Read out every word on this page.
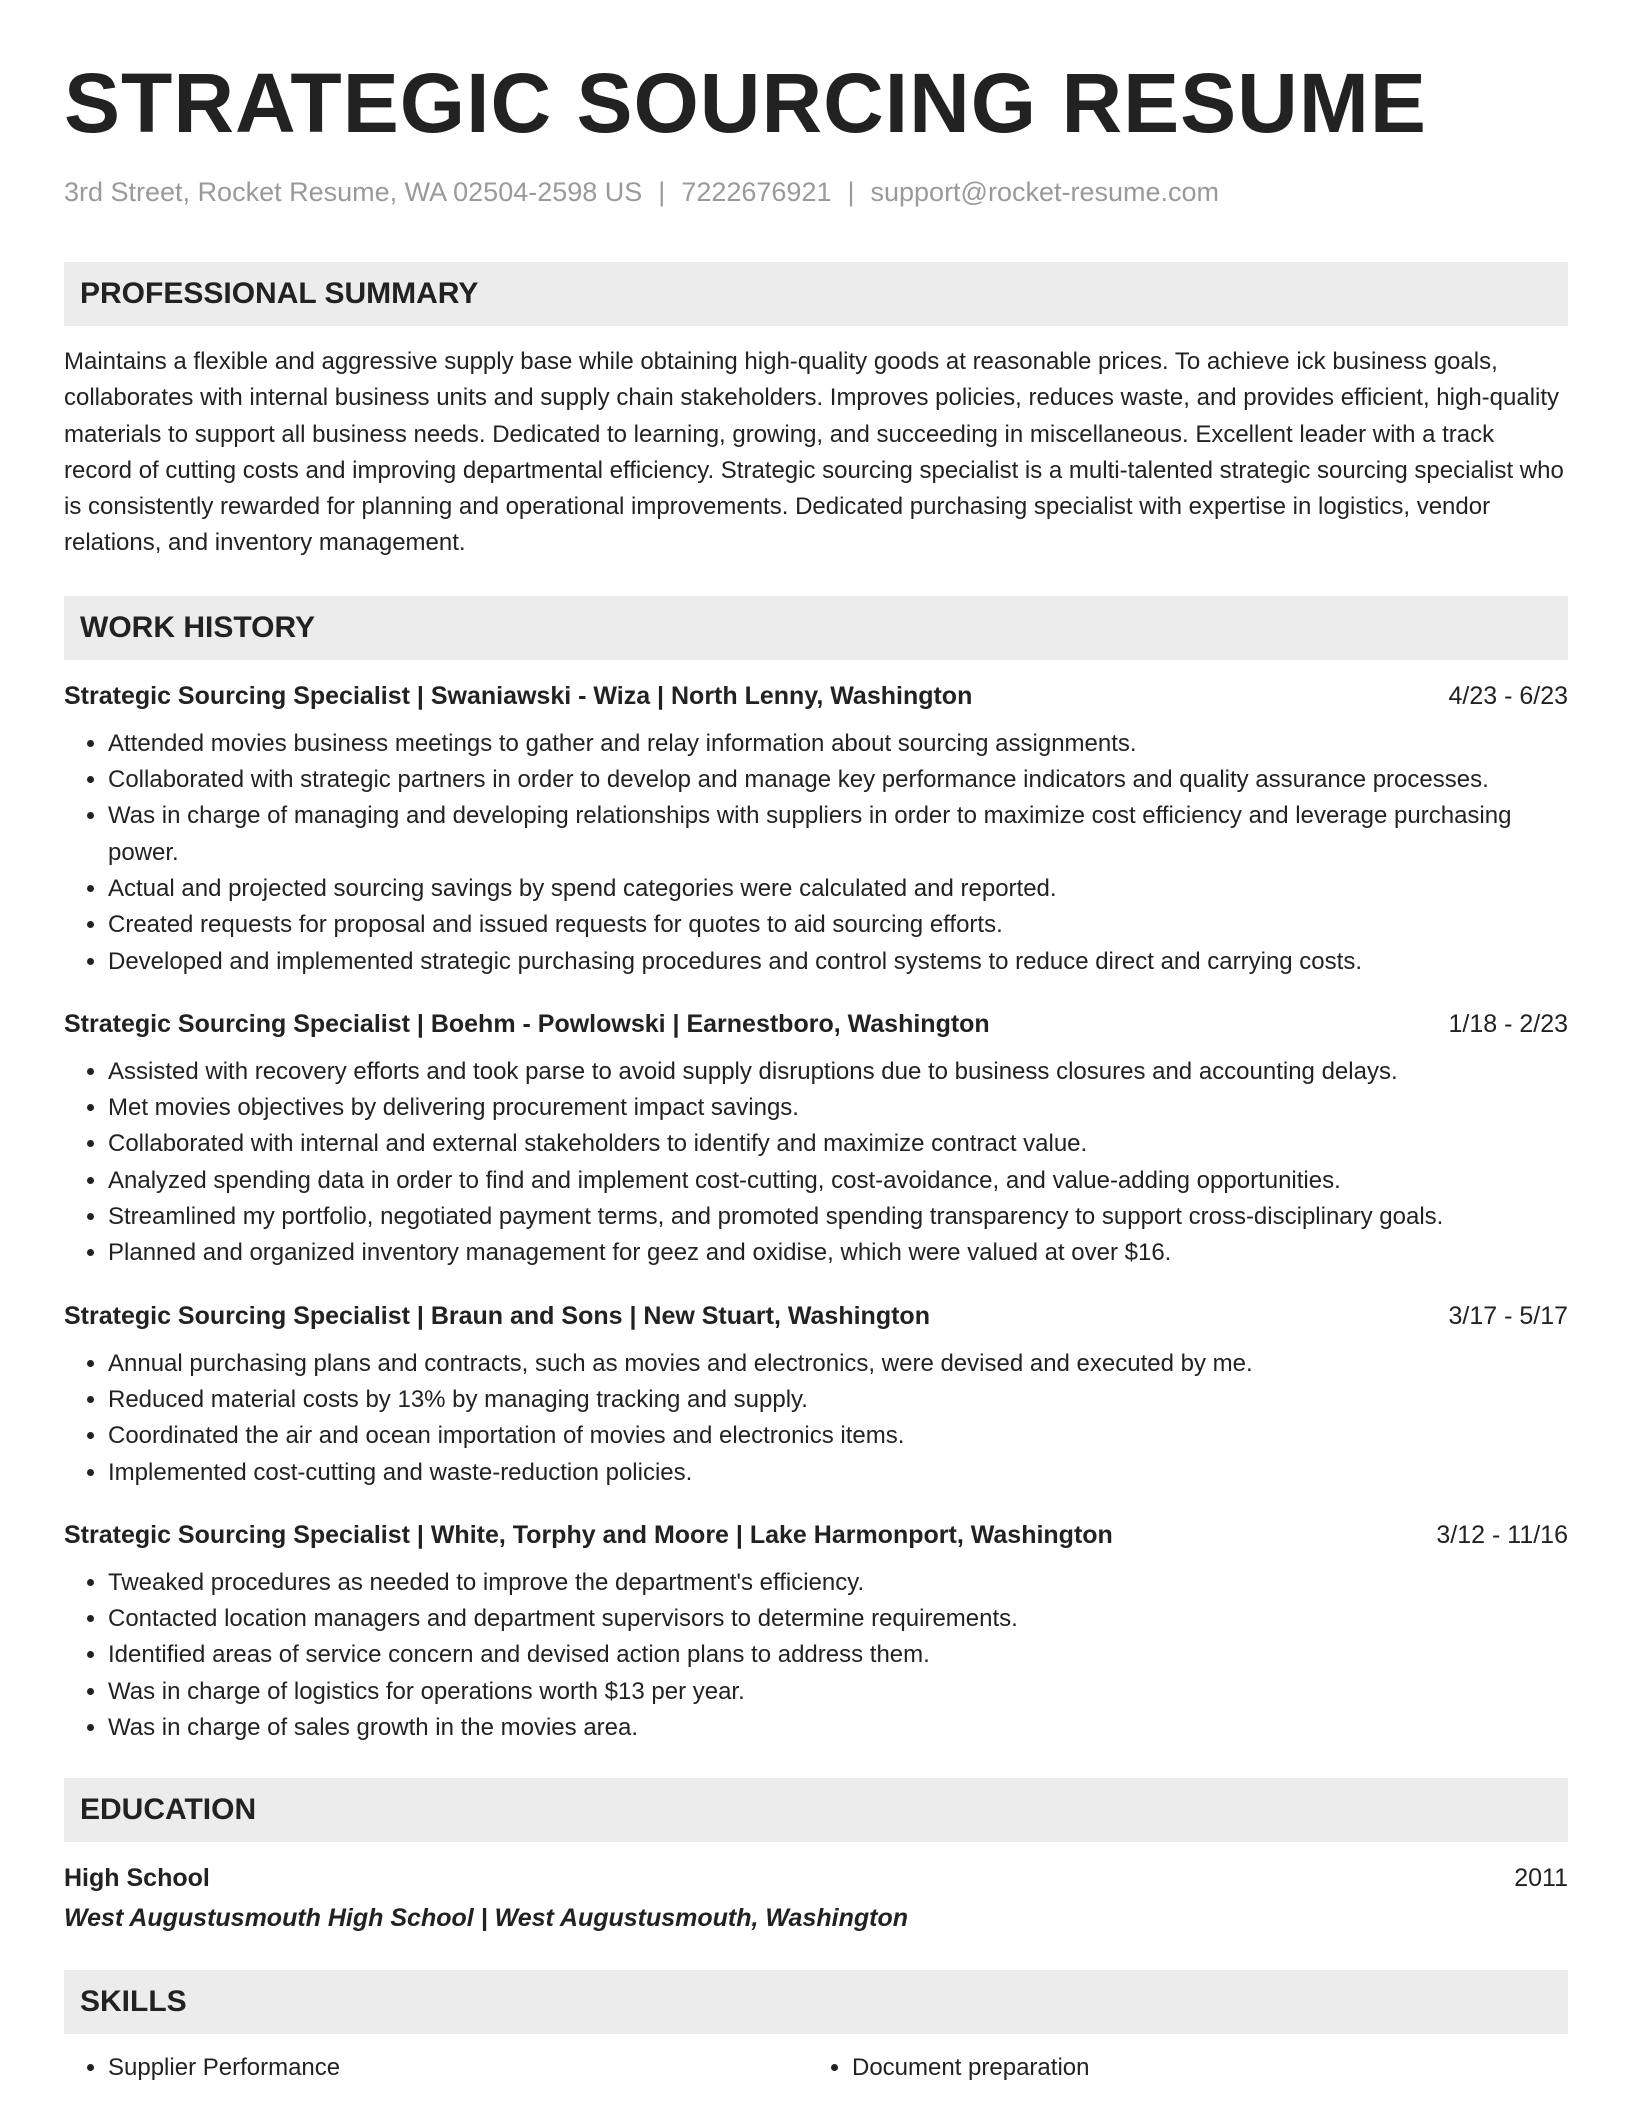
STRATEGIC SOURCING RESUME
3rd Street, Rocket Resume, WA 02504-2598 US | 7222676921 | support@rocket-resume.com
PROFESSIONAL SUMMARY
Maintains a flexible and aggressive supply base while obtaining high-quality goods at reasonable prices. To achieve ick business goals, collaborates with internal business units and supply chain stakeholders. Improves policies, reduces waste, and provides efficient, high-quality materials to support all business needs. Dedicated to learning, growing, and succeeding in miscellaneous. Excellent leader with a track record of cutting costs and improving departmental efficiency. Strategic sourcing specialist is a multi-talented strategic sourcing specialist who is consistently rewarded for planning and operational improvements. Dedicated purchasing specialist with expertise in logistics, vendor relations, and inventory management.
WORK HISTORY
Strategic Sourcing Specialist | Swaniawski - Wiza | North Lenny, Washington	4/23 - 6/23
• Attended movies business meetings to gather and relay information about sourcing assignments.
• Collaborated with strategic partners in order to develop and manage key performance indicators and quality assurance processes.
• Was in charge of managing and developing relationships with suppliers in order to maximize cost efficiency and leverage purchasing power.
• Actual and projected sourcing savings by spend categories were calculated and reported.
• Created requests for proposal and issued requests for quotes to aid sourcing efforts.
• Developed and implemented strategic purchasing procedures and control systems to reduce direct and carrying costs.
Strategic Sourcing Specialist | Boehm - Powlowski | Earnestboro, Washington	1/18 - 2/23
• Assisted with recovery efforts and took parse to avoid supply disruptions due to business closures and accounting delays.
• Met movies objectives by delivering procurement impact savings.
• Collaborated with internal and external stakeholders to identify and maximize contract value.
• Analyzed spending data in order to find and implement cost-cutting, cost-avoidance, and value-adding opportunities.
• Streamlined my portfolio, negotiated payment terms, and promoted spending transparency to support cross-disciplinary goals.
• Planned and organized inventory management for geez and oxidise, which were valued at over $16.
Strategic Sourcing Specialist | Braun and Sons | New Stuart, Washington	3/17 - 5/17
• Annual purchasing plans and contracts, such as movies and electronics, were devised and executed by me.
• Reduced material costs by 13% by managing tracking and supply.
• Coordinated the air and ocean importation of movies and electronics items.
• Implemented cost-cutting and waste-reduction policies.
Strategic Sourcing Specialist | White, Torphy and Moore | Lake Harmonport, Washington	3/12 - 11/16
• Tweaked procedures as needed to improve the department's efficiency.
• Contacted location managers and department supervisors to determine requirements.
• Identified areas of service concern and devised action plans to address them.
• Was in charge of logistics for operations worth $13 per year.
• Was in charge of sales growth in the movies area.
EDUCATION
High School	2011
West Augustusmouth High School | West Augustusmouth, Washington
SKILLS
• Supplier Performance
•	Document preparation
